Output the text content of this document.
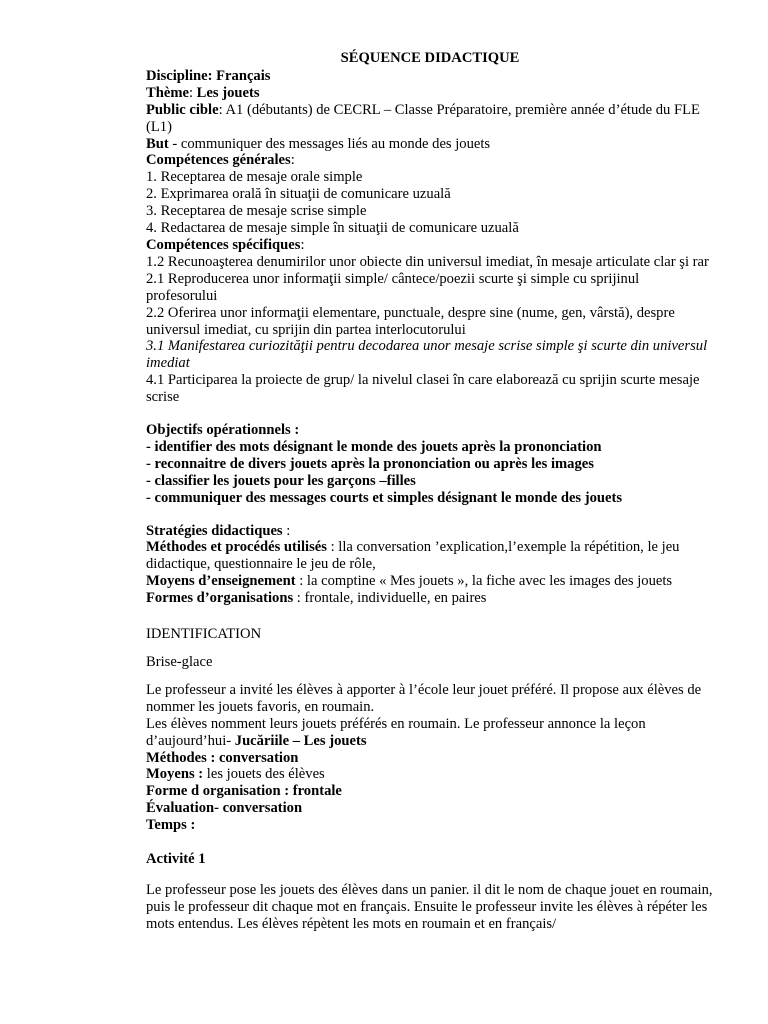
SÉQUENCE DIDACTIQUE

Discipline: Français

Thème: Les jouets

Public cible: A1 (débutants) de CECRL – Classe Préparatoire, première année d’étude du FLE (L1)

But - communiquer des messages liés au monde des jouets

Compétences générales:

1. Receptarea de mesaje orale simple

2. Exprimarea orală în situaţii de comunicare uzuală

3. Receptarea de mesaje scrise simple

4. Redactarea de mesaje simple în situaţii de comunicare uzuală

Compétences spécifiques:

1.2 Recunoaşterea denumirilor unor obiecte din universul imediat, în mesaje articulate clar şi rar

2.1 Reproducerea unor informaţii simple/ cântece/poezii scurte şi simple cu sprijinul profesorului

2.2 Oferirea unor informaţii elementare, punctuale, despre sine (nume, gen, vârstă), despre universul imediat, cu sprijin din partea interlocutorului

3.1 Manifestarea curiozităţii pentru decodarea unor mesaje scrise simple şi scurte din universul imediat

4.1 Participarea la proiecte de grup/ la nivelul clasei în care elaborează cu sprijin scurte mesaje scrise

Objectifs opérationnels :

- identifier des mots désignant le monde des jouets après la prononciation

- reconnaitre de divers jouets après la prononciation ou après les images

- classifier les jouets pour les garçons –filles

- communiquer des messages courts et simples désignant le monde des jouets

Stratégies didactiques :

Méthodes et procédés utilisés : lla conversation ’explication,l’exemple la répétition, le jeu didactique, questionnaire le jeu de rôle,

Moyens d’enseignement : la comptine « Mes jouets », la fiche avec les images des jouets

Formes d’organisations : frontale, individuelle, en paires

IDENTIFICATION

Brise-glace

Le professeur a invité les élèves à apporter à l’école leur jouet préféré. Il propose aux élèves de nommer les jouets favoris, en roumain.

Les élèves nomment leurs jouets préférés en roumain. Le professeur annonce la leçon d’aujourd’hui- Jucăriile – Les jouets

Méthodes : conversation

Moyens : les jouets des élèves

Forme d organisation : frontale

Évaluation- conversation

Temps :

Activité 1

Le professeur pose les jouets des élèves dans un panier. il dit le nom de chaque jouet en roumain, puis le professeur dit chaque mot en français. Ensuite le professeur invite les élèves à répéter les mots entendus. Les élèves répètent les mots en roumain et en français/
